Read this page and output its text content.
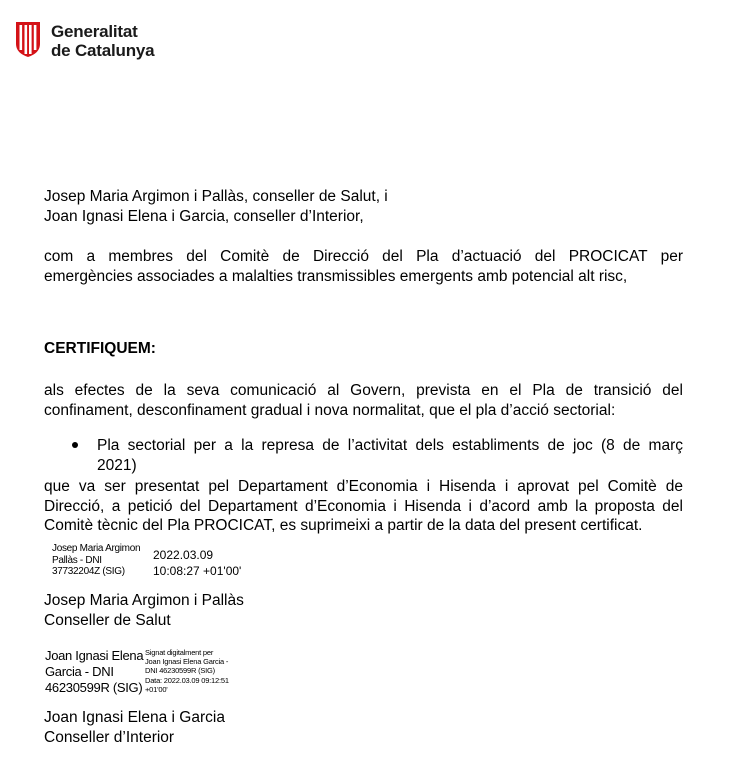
Generalitat
de Catalunya
Josep Maria Argimon i Pallàs, conseller de Salut, i
Joan Ignasi Elena i Garcia, conseller d’Interior,
com a membres del Comitè de Direcció del Pla d’actuació del PROCICAT per
emergències associades a malalties transmissibles emergents amb potencial alt risc,
CERTIFIQUEM:
als efectes de la seva comunicació al Govern, prevista en el Pla de transició del
confinament, desconfinament gradual i nova normalitat, que el pla d’acció sectorial:
Pla sectorial per a la represa de l’activitat dels establiments de joc (8 de març
2021)
que va ser presentat pel Departament d’Economia i Hisenda i aprovat pel Comitè de
Direcció, a petició del Departament d’Economia i Hisenda i d’acord amb la proposta del
Comitè tècnic del Pla PROCICAT, es suprimeixi a partir de la data del present certificat.
Josep Maria Argimon
Pallàs - DNI
37732204Z (SIG)
2022.03.09
10:08:27 +01'00'
Josep Maria Argimon i Pallàs
Conseller de Salut
Joan Ignasi Elena
Garcia - DNI
46230599R (SIG)
Signat digitalment per
Joan Ignasi Elena Garcia -
DNI 46230599R (SIG)
Data: 2022.03.09 09:12:51
+01'00'
Joan Ignasi Elena i Garcia
Conseller d’Interior
